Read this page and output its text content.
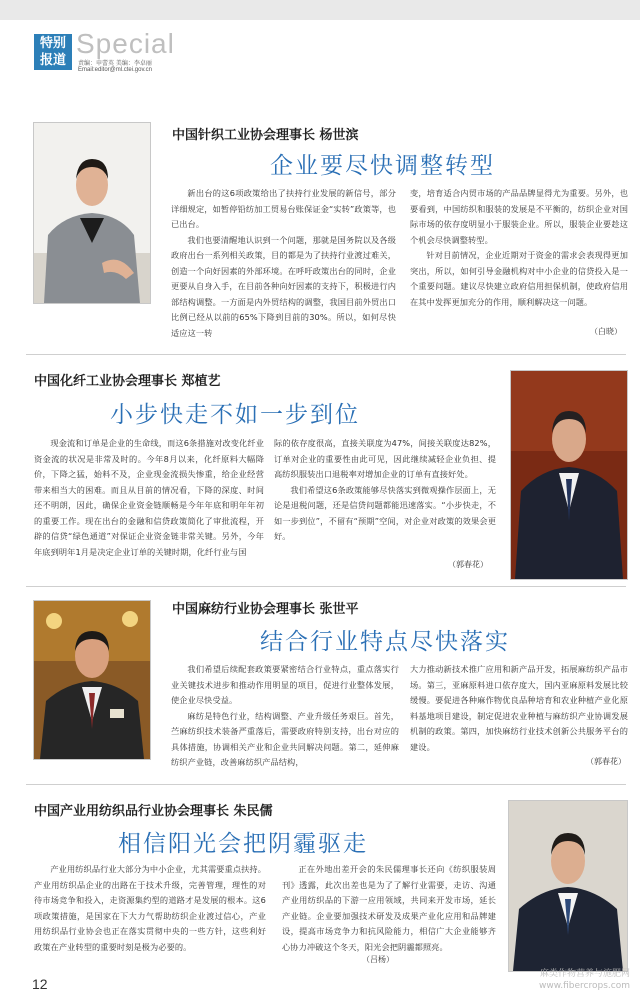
特别
报道
Special
责编：申蕾英 美编：李卓丽
Email:editor@ml.ctei.gov.cn
中国针织工业协会理事长 杨世滨
企业要尽快调整转型

新出台的这6项政策给出了扶持行业发展的新信号，部分详细规定，如暂停铅纺加工贸易台账保证金“实转”政策等，也已出台。

我们也要清醒地认识到一个问题，那就是国务院以及各级政府出台一系列相关政策，目的都是为了扶持行业渡过难关，创造一个向好因素的外部环境。在呼吁政策出台的同时，企业更要从自身入手，在目前各种向好因素的支持下，积极进行内部结构调整。一方面是内外贸结构的调整，我国目前外贸出口比例已经从以前的65%下降到目前的30%。所以，如何尽快适应这一转

变，培育适合内贸市场的产品品牌显得尤为重要。另外，也要看到，中国纺织和服装的发展是不平衡的，纺织企业对国际市场的依存度明显小于服装企业。所以，服装企业要趁这个机会尽快调整转型。

针对目前情况，企业近期对于资金的需求会表现得更加突出，所以，如何引导金融机构对中小企业的信贷投入是一个重要问题。建议尽快建立政府信用担保机制，使政府信用在其中发挥更加充分的作用，顺利解决这一问题。

（白晓）
中国化纤工业协会理事长 郑植艺
小步快走不如一步到位

现金流和订单是企业的生命线，而这6条措施对改变化纤业资金流的状况是非常及时的。今年8月以来，化纤原料大幅降价，下降之猛，始料不及，企业现金流损失惨重，给企业经营带来相当大的困难。而且从目前的情况看，下降的深度、时间还不明朗，因此，确保企业资金链顺畅是今年年底和明年年初的重要工作。现在出台的金融和信贷政策简化了审批流程，开辟的信贷“绿色通道”对保证企业资金链非常关键。另外，今年年底到明年1月是决定企业订单的关键时期，化纤行业与国

际的依存度很高，直接关联度为47%，间接关联度达82%，订单对企业的重要性由此可见，因此继续减轻企业负担、提高纺织服装出口退税率对增加企业的订单有直接好处。

我们希望这6条政策能够尽快落实到微观操作层面上，无论是退税问题，还是信贷问题都能迅速落实。“小步快走，不如一步到位”，不留有“预期”空间，对企业对政策的效果会更好。

（郭春花）
中国麻纺行业协会理事长 张世平
结合行业特点尽快落实

我们希望后续配套政策要紧密结合行业特点，重点落实行业关键技术进步和推动作用明显的项目，促进行业整体发展，使企业尽快受益。

麻纺是特色行业，结构调整、产业升级任务艰巨。首先，苎麻纺织技术装备严重落后，需要政府特别支持，出台对应的具体措施，协调相关产业和企业共同解决问题。第二，延伸麻纺织产业链，改善麻纺织产品结构，

大力推动新技术推广应用和新产品开发，拓展麻纺织产品市场。第三，亚麻原料进口依存度大，国内亚麻原料发展比较缓慢。要促进各种麻作物优良品种培育和农业种植产业化原料基地项目建设，制定促进农业种植与麻纺织产业协调发展机制的政策。第四，加快麻纺行业技术创新公共服务平台的建设。

（郭春花）
中国产业用纺织品行业协会理事长 朱民儒
相信阳光会把阴霾驱走

产业用纺织品行业大部分为中小企业，尤其需要重点扶持。产业用纺织品企业的出路在于技术升级，完善管理，理性的对待市场竞争和投入，走资源集约型的道路才是发展的根本。这6项政策措施，是国家在下大力气帮助纺织企业渡过信心，产业用纺织品行业协会也正在落实贯彻中央的一些方针，这些利好政策在产业转型的重要时刻是极为必要的。

正在外地出差开会的朱民儒理事长还向《纺织服装周刊》透露，此次出差也是为了了解行业需要，走访、沟通产业用纺织品的下游一应用领域，共同来开发市场，延长产业链。企业要加强技术研发及成果产业化应用和品牌建设，提高市场竞争力和抗风险能力，相信广大企业能够齐心协力冲破这个冬天，阳光会把阴霾都照亮。

（吕杨）
12
麻类作物营养与施肥网
www.fibercrops.com
